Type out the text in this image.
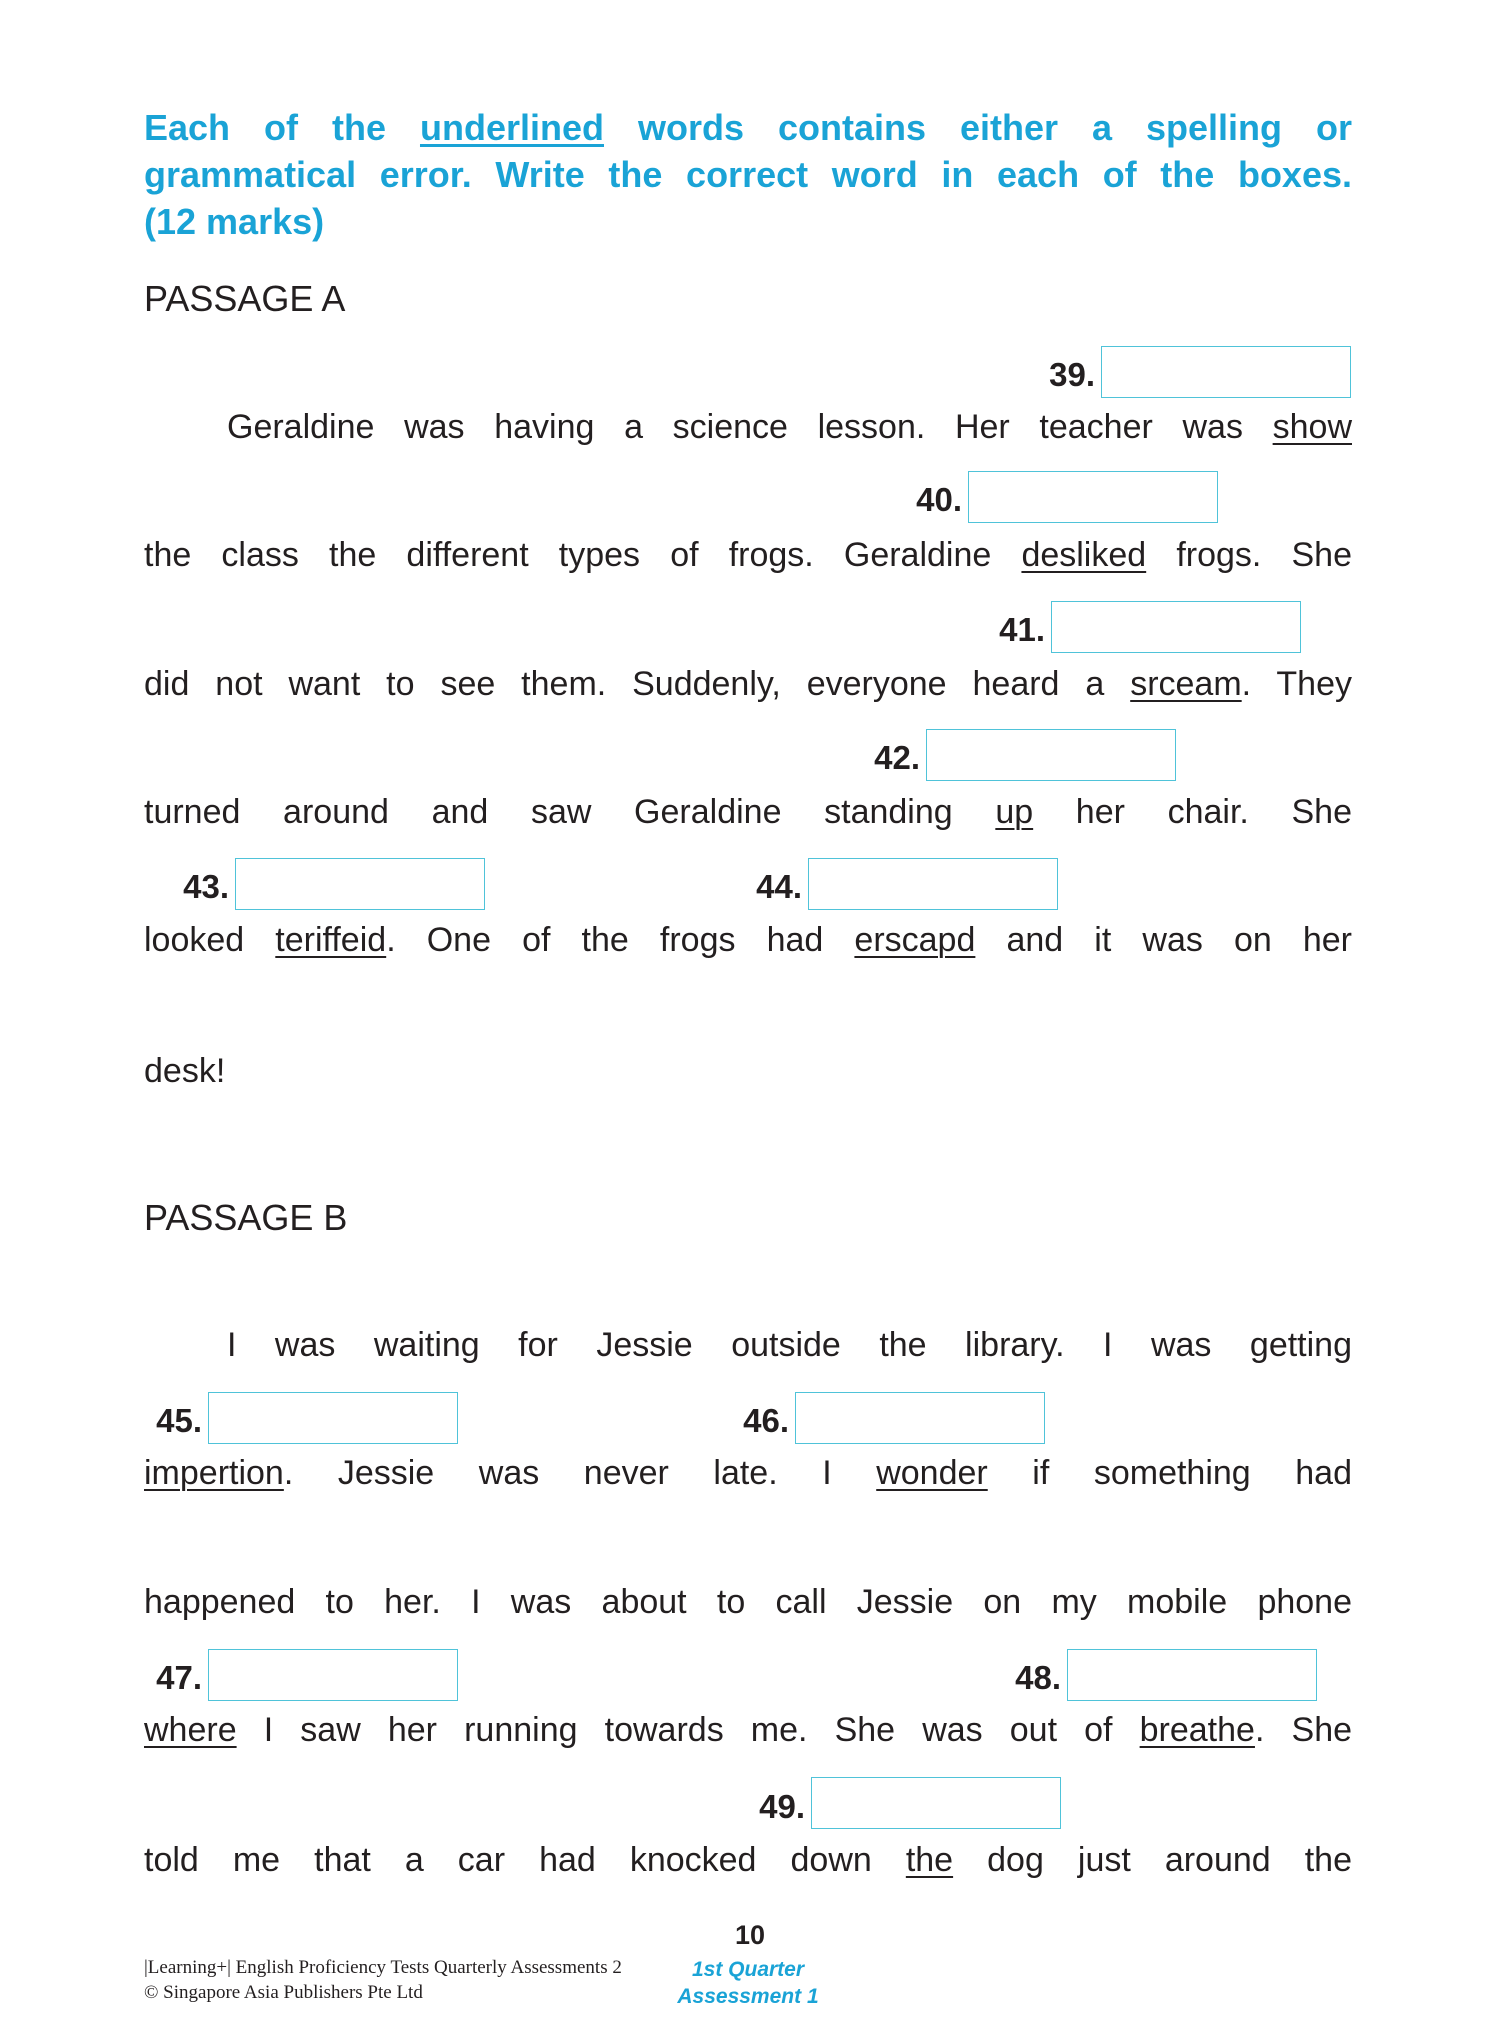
Each of the underlined words contains either a spelling or
grammatical error. Write the correct word in each of the boxes.
(12 marks)
PASSAGE A
Geraldine was having a science lesson. Her teacher was show
the class the different types of frogs. Geraldine desliked frogs. She
did not want to see them. Suddenly, everyone heard a srceam. They
turned around and saw Geraldine standing up her chair. She
looked teriffeid. One of the frogs had erscapd and it was on her
desk!
PASSAGE B
I was waiting for Jessie outside the library. I was getting
impertion. Jessie was never late. I wonder if something had
happened to her. I was about to call Jessie on my mobile phone
where I saw her running towards me. She was out of breathe. She
told me that a car had knocked down the dog just around the
39.
40.
41.
42.
43.	44.
45.	46.
47.	48.
49.
10
|Learning+| English Proficiency Tests Quarterly Assessments 2
© Singapore Asia Publishers Pte Ltd
1st Quarter
Assessment 1
